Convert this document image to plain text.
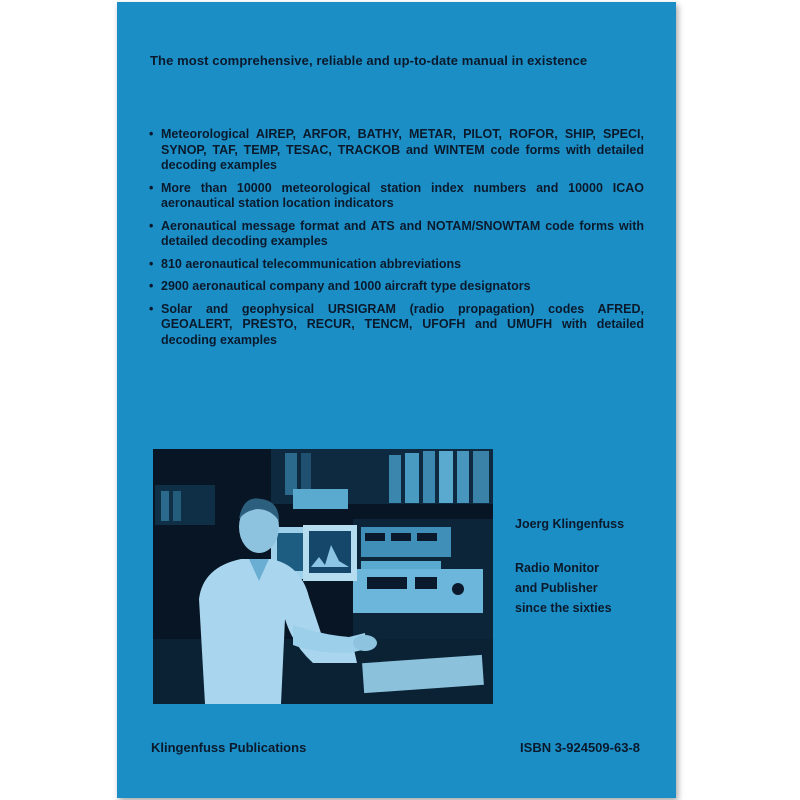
The most comprehensive, reliable and up-to-date manual in existence
• Meteorological AIREP, ARFOR, BATHY, METAR, PILOT, ROFOR, SHIP, SPECI, SYNOP, TAF, TEMP, TESAC, TRACKOB and WINTEM code forms with detailed decoding examples
• More than 10000 meteorological station index numbers and 10000 ICAO aeronautical station location indicators
• Aeronautical message format and ATS and NOTAM/SNOWTAM code forms with detailed decoding examples
• 810 aeronautical telecommunication abbreviations
• 2900 aeronautical company and 1000 aircraft type designators
• Solar and geophysical URSIGRAM (radio propagation) codes AFRED, GEOALERT, PRESTO, RECUR, TENCM, UFOFH and UMUFH with detailed decoding examples
Joerg Klingenfuss
Radio Monitor
and Publisher
since the sixties
Klingenfuss Publications	ISBN 3-924509-63-8
